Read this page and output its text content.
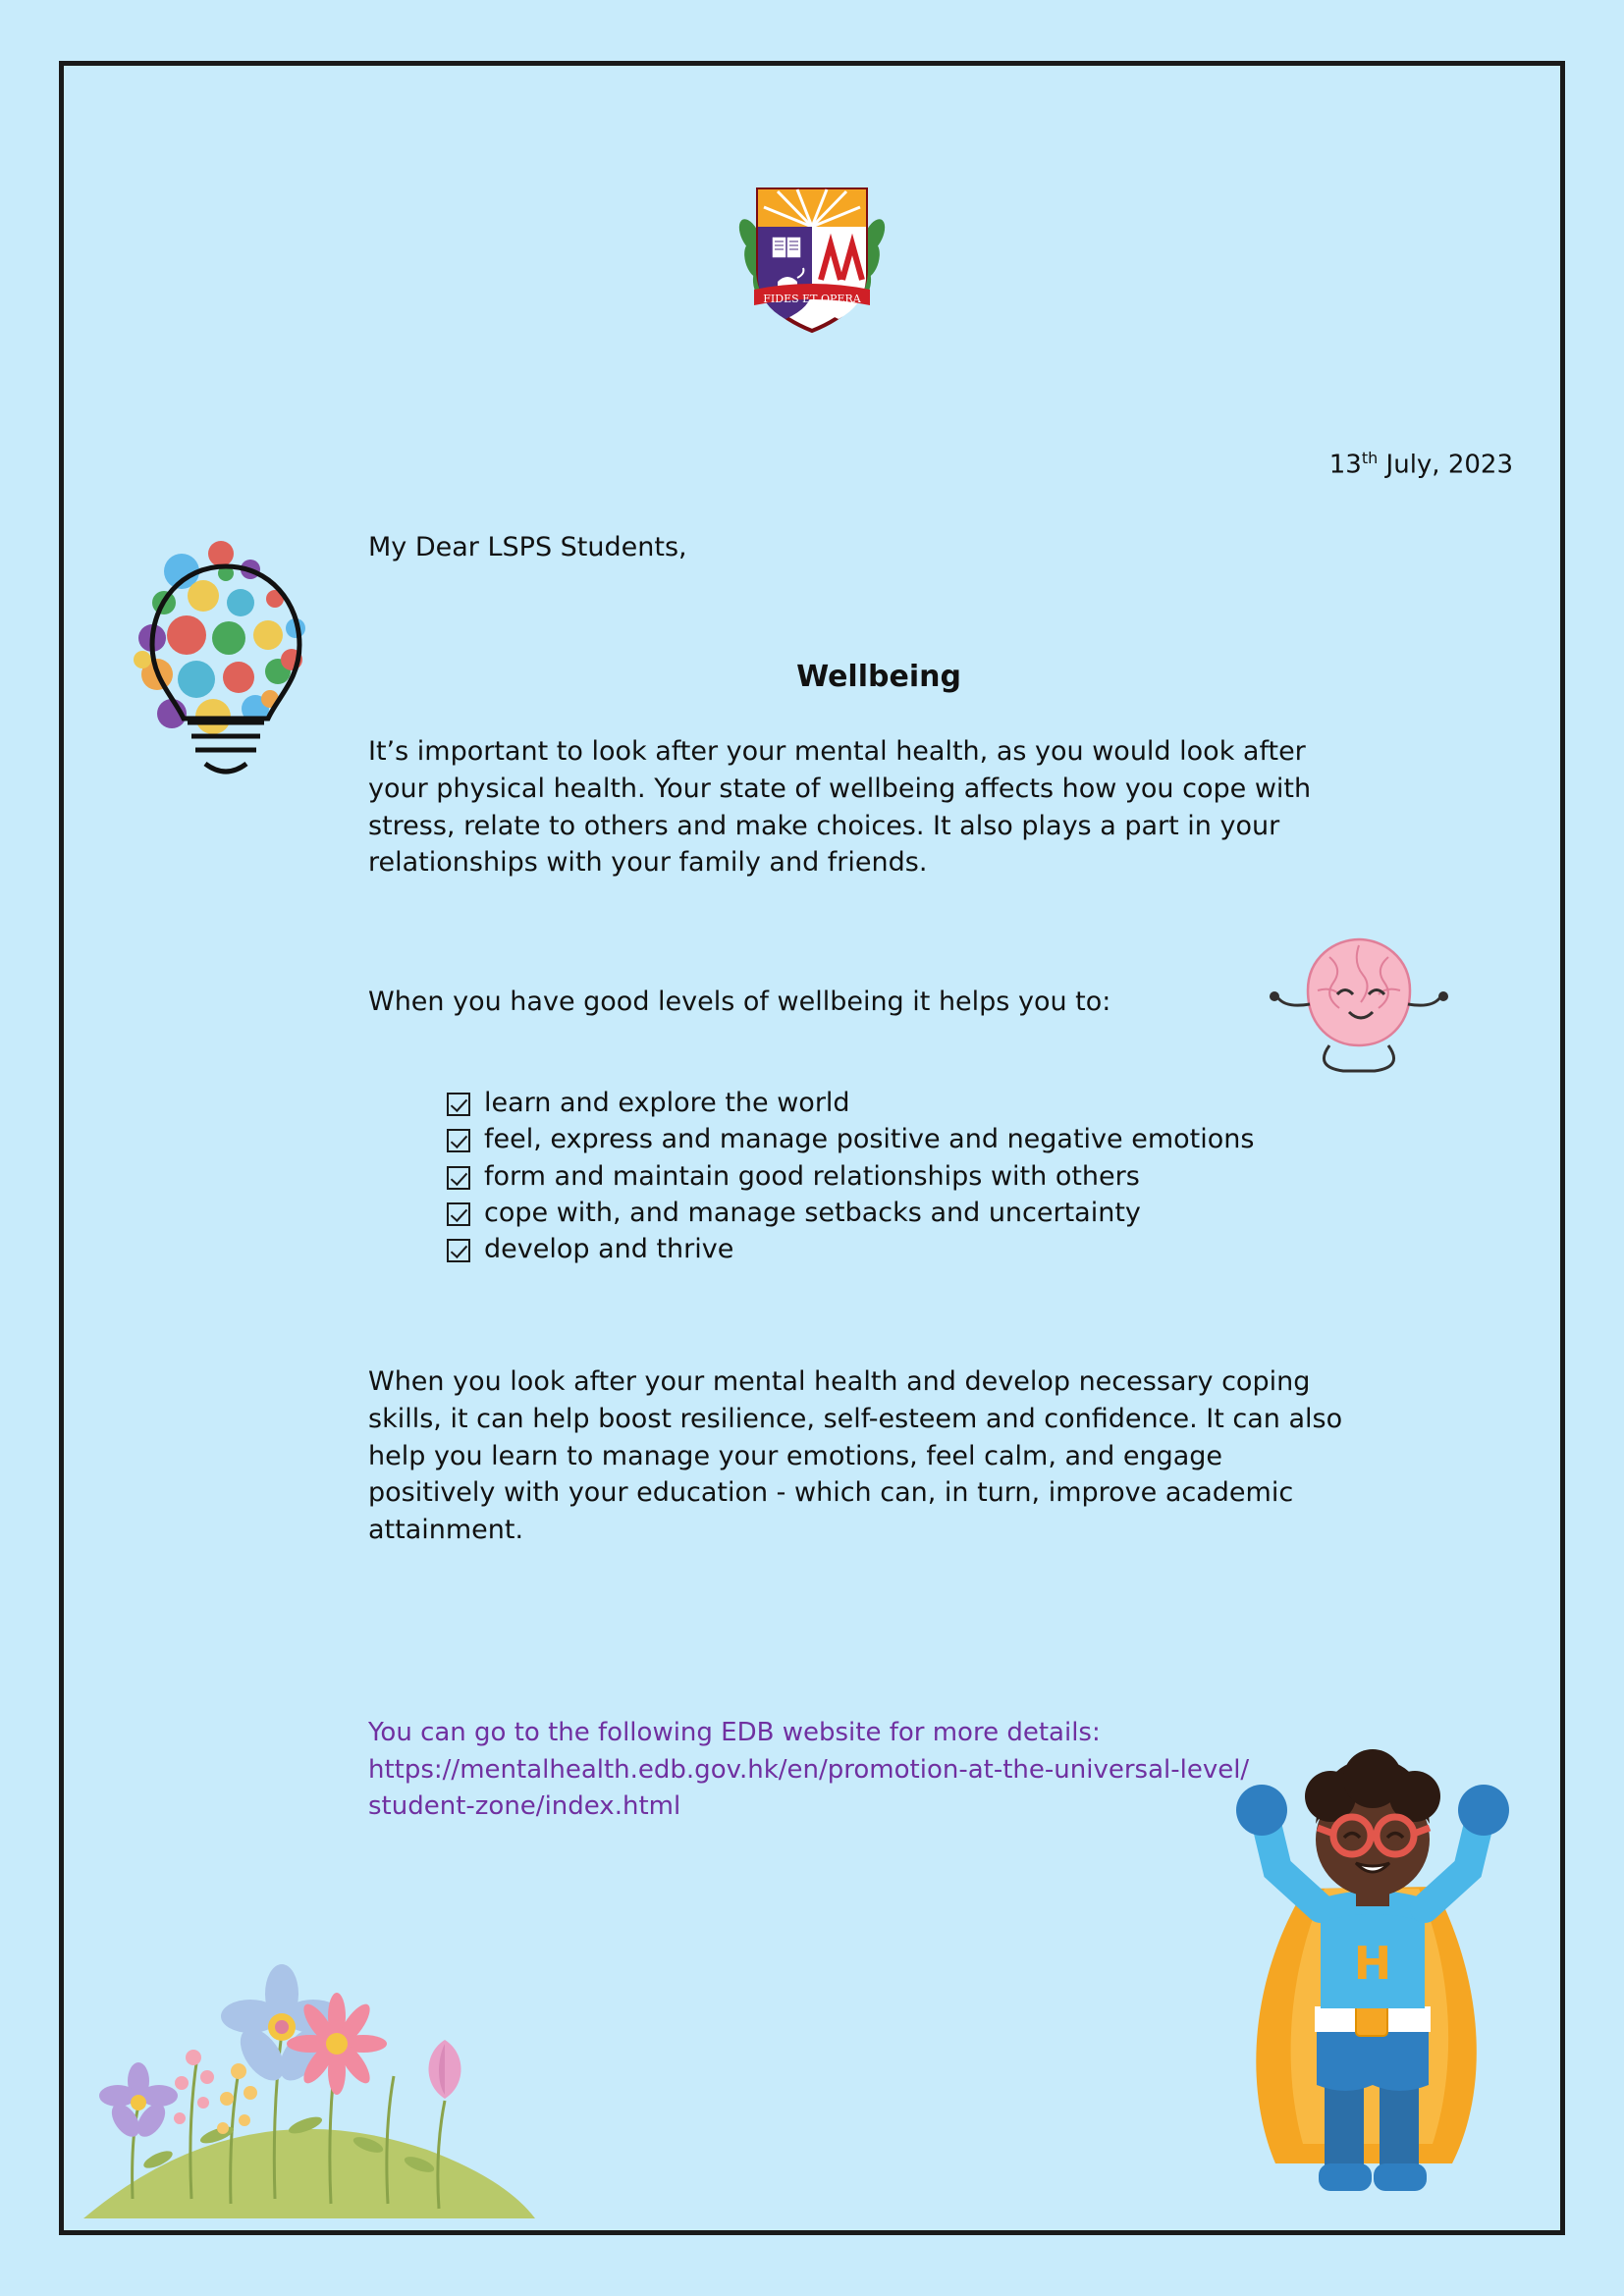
FIDES ET OPERA
13th July, 2023
My Dear LSPS Students,
Wellbeing
It’s important to look after your mental health, as you would look after your physical health. Your state of wellbeing affects how you cope with stress, relate to others and make choices. It also plays a part in your relationships with your family and friends.
When you have good levels of wellbeing it helps you to:
learn and explore the world
feel, express and manage positive and negative emotions
form and maintain good relationships with others
cope with, and manage setbacks and uncertainty
develop and thrive
When you look after your mental health and develop necessary coping skills, it can help boost resilience, self-esteem and confidence. It can also help you learn to manage your emotions, feel calm, and engage positively with your education - which can, in turn, improve academic attainment.
You can go to the following EDB website for more details:
https://mentalhealth.edb.gov.hk/en/promotion-at-the-universal-level/student-zone/index.html
H
